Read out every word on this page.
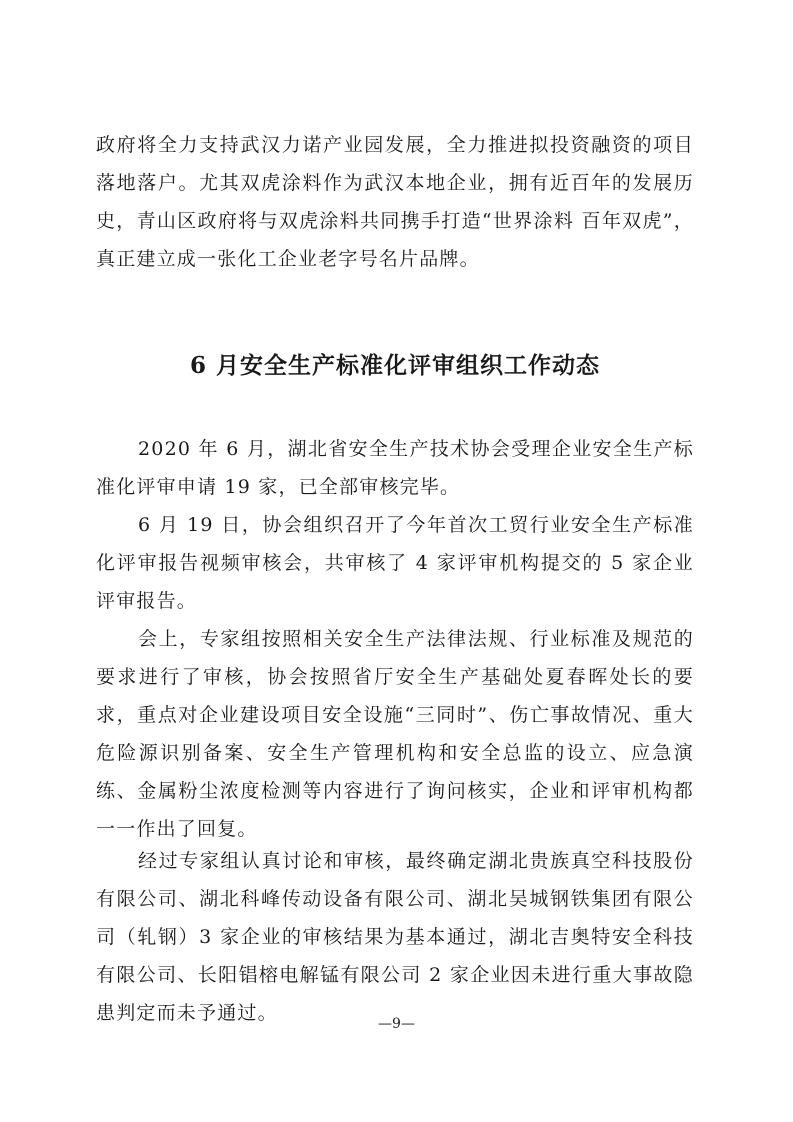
政府将全力支持武汉力诺产业园发展，全力推进拟投资融资的项目落地落户。尤其双虎涂料作为武汉本地企业，拥有近百年的发展历史，青山区政府将与双虎涂料共同携手打造“世界涂料 百年双虎”，真正建立成一张化工企业老字号名片品牌。

6 月安全生产标准化评审组织工作动态

2020 年 6 月，湖北省安全生产技术协会受理企业安全生产标准化评审申请 19 家，已全部审核完毕。

6 月 19 日，协会组织召开了今年首次工贸行业安全生产标准化评审报告视频审核会，共审核了 4 家评审机构提交的 5 家企业评审报告。

会上，专家组按照相关安全生产法律法规、行业标准及规范的要求进行了审核，协会按照省厅安全生产基础处夏春晖处长的要求，重点对企业建设项目安全设施“三同时”、伤亡事故情况、重大危险源识别备案、安全生产管理机构和安全总监的设立、应急演练、金属粉尘浓度检测等内容进行了询问核实，企业和评审机构都一一作出了回复。

经过专家组认真讨论和审核，最终确定湖北贵族真空科技股份有限公司、湖北科峰传动设备有限公司、湖北吴城钢铁集团有限公司（轧钢）3 家企业的审核结果为基本通过，湖北吉奥特安全科技有限公司、长阳锠榕电解锰有限公司 2 家企业因未进行重大事故隐患判定而未予通过。	—9—
